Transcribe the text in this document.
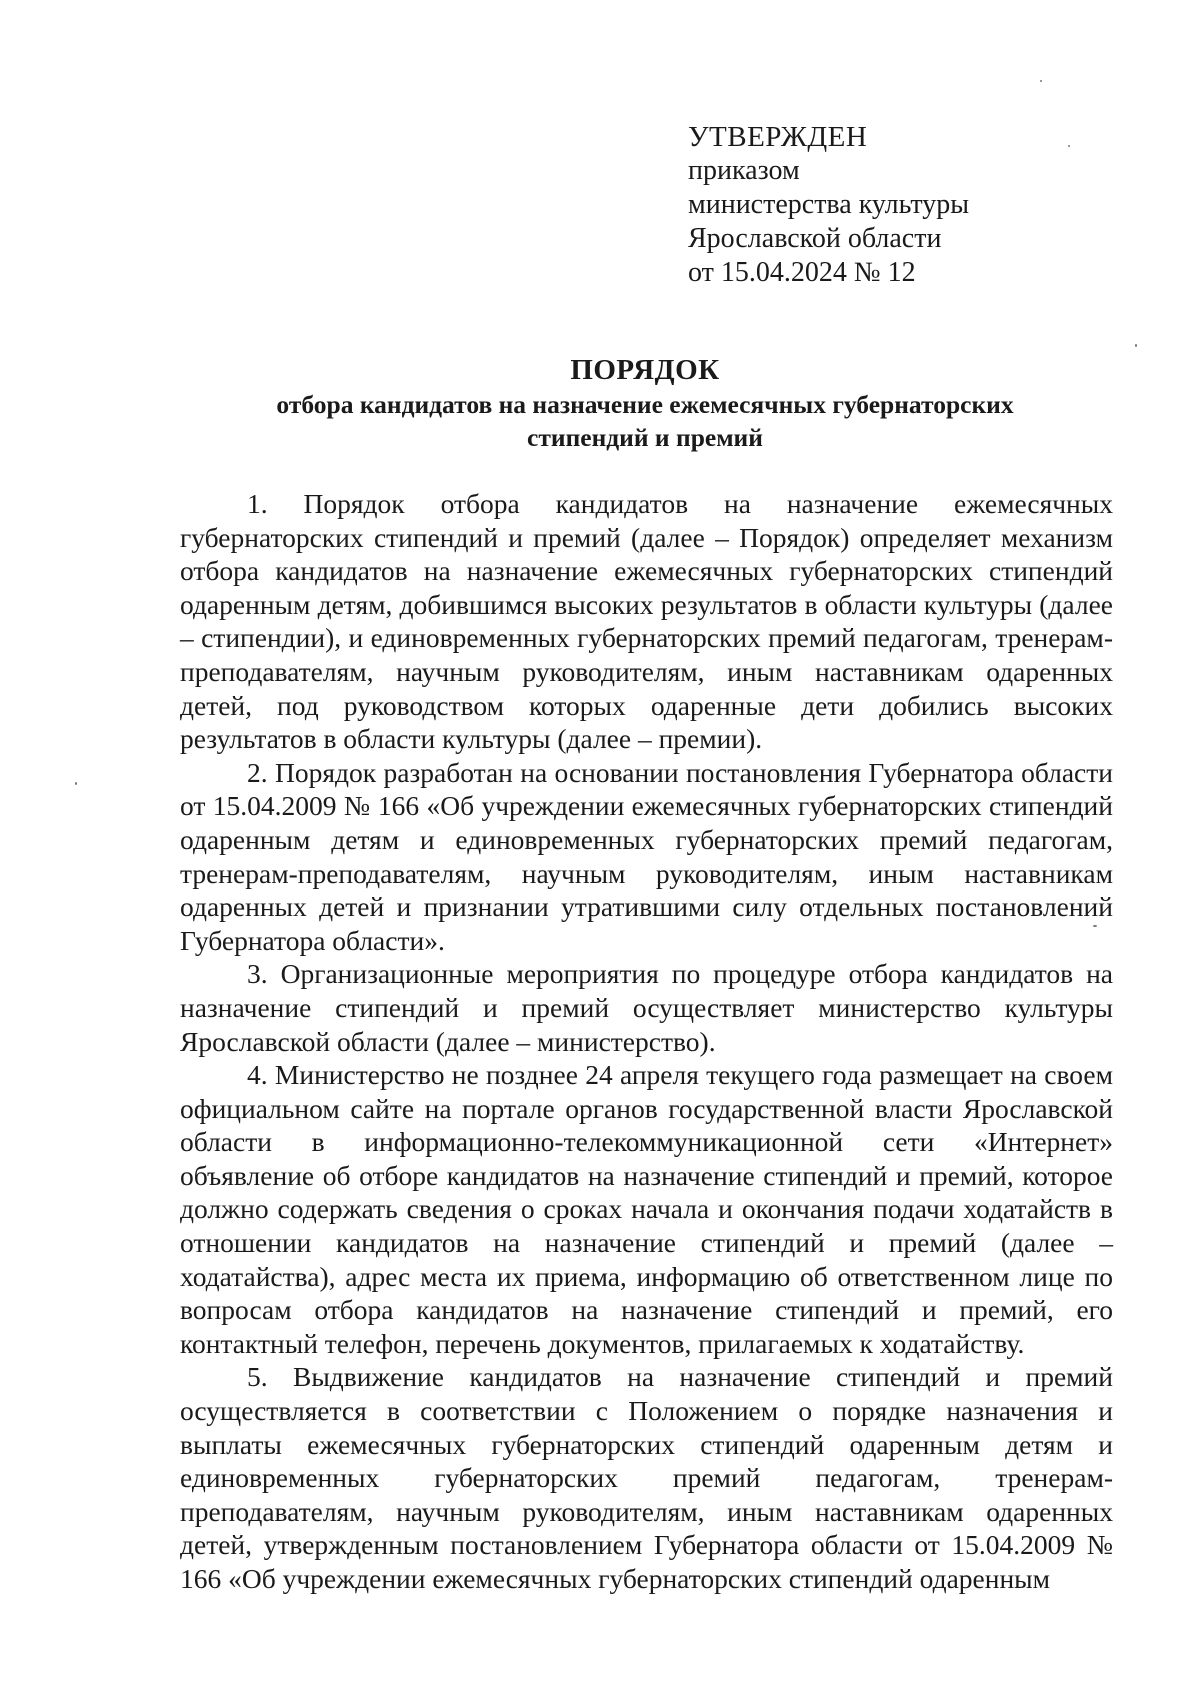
УТВЕРЖДЕН
приказом
министерства культуры
Ярославской области
от 15.04.2024 № 12
ПОРЯДОК
отбора кандидатов на назначение ежемесячных губернаторских
стипендий и премий

1. Порядок отбора кандидатов на назначение ежемесячных губернаторских стипендий и премий (далее – Порядок) определяет механизм отбора кандидатов на назначение ежемесячных губернаторских стипендий одаренным детям, добившимся высоких результатов в области культуры (далее – стипендии), и единовременных губернаторских премий педагогам, тренерам-преподавателям, научным руководителям, иным наставникам одаренных детей, под руководством которых одаренные дети добились высоких результатов в области культуры (далее – премии).

2. Порядок разработан на основании постановления Губернатора области от 15.04.2009 № 166 «Об учреждении ежемесячных губернаторских стипендий одаренным детям и единовременных губернаторских премий педагогам, тренерам-преподавателям, научным руководителям, иным наставникам одаренных детей и признании утратившими силу отдельных постановлений Губернатора области».

3. Организационные мероприятия по процедуре отбора кандидатов на назначение стипендий и премий осуществляет министерство культуры Ярославской области (далее – министерство).

4. Министерство не позднее 24 апреля текущего года размещает на своем официальном сайте на портале органов государственной власти Ярославской области в информационно-телекоммуникационной сети «Интернет» объявление об отборе кандидатов на назначение стипендий и премий, которое должно содержать сведения о сроках начала и окончания подачи ходатайств в отношении кандидатов на назначение стипендий и премий (далее – ходатайства), адрес места их приема, информацию об ответственном лице по вопросам отбора кандидатов на назначение стипендий и премий, его контактный телефон, перечень документов, прилагаемых к ходатайству.

5. Выдвижение кандидатов на назначение стипендий и премий осуществляется в соответствии с Положением о порядке назначения и выплаты ежемесячных губернаторских стипендий одаренным детям и единовременных губернаторских премий педагогам, тренерам-преподавателям, научным руководителям, иным наставникам одаренных детей, утвержденным постановлением Губернатора области от 15.04.2009 № 166 «Об учреждении ежемесячных губернаторских стипендий одаренным
